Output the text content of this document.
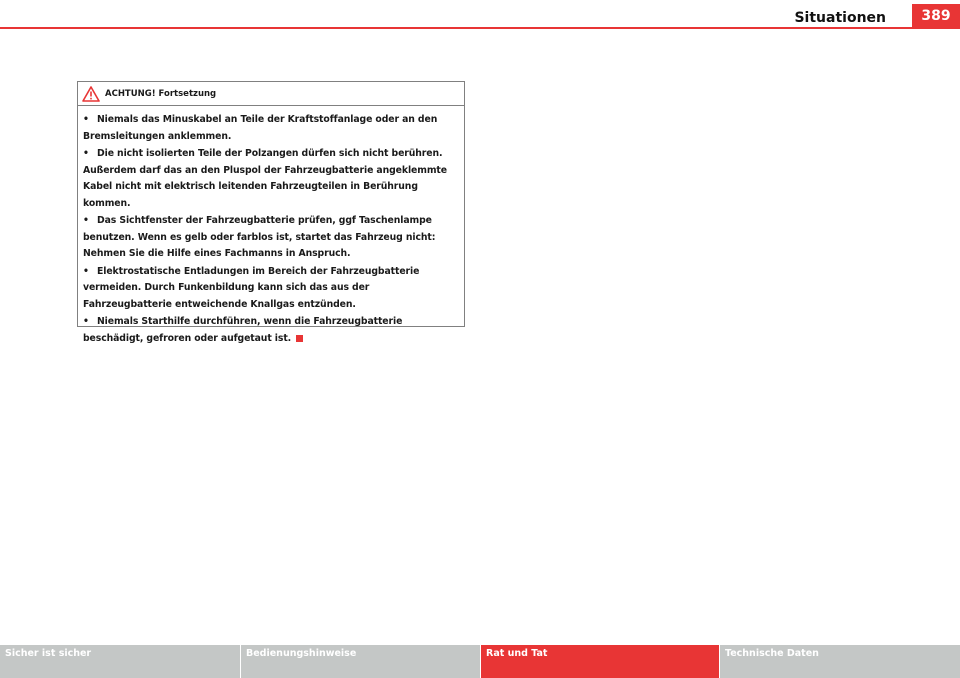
Situationen	389
ACHTUNG! Fortsetzung
• Niemals das Minuskabel an Teile der Kraftstoffanlage oder an den Bremsleitungen anklemmen.
• Die nicht isolierten Teile der Polzangen dürfen sich nicht berühren. Außerdem darf das an den Pluspol der Fahrzeugbatterie angeklemmte Kabel nicht mit elektrisch leitenden Fahrzeugteilen in Berührung kommen.
• Das Sichtfenster der Fahrzeugbatterie prüfen, ggf Taschenlampe benutzen. Wenn es gelb oder farblos ist, startet das Fahrzeug nicht: Nehmen Sie die Hilfe eines Fachmanns in Anspruch.
• Elektrostatische Entladungen im Bereich der Fahrzeugbatterie vermeiden. Durch Funkenbildung kann sich das aus der Fahrzeugbatterie entweichende Knallgas entzünden.
• Niemals Starthilfe durchführen, wenn die Fahrzeugbatterie beschädigt, gefroren oder aufgetaut ist.
Sicher ist sicher	Bedienungshinweise	Rat und Tat	Technische Daten
